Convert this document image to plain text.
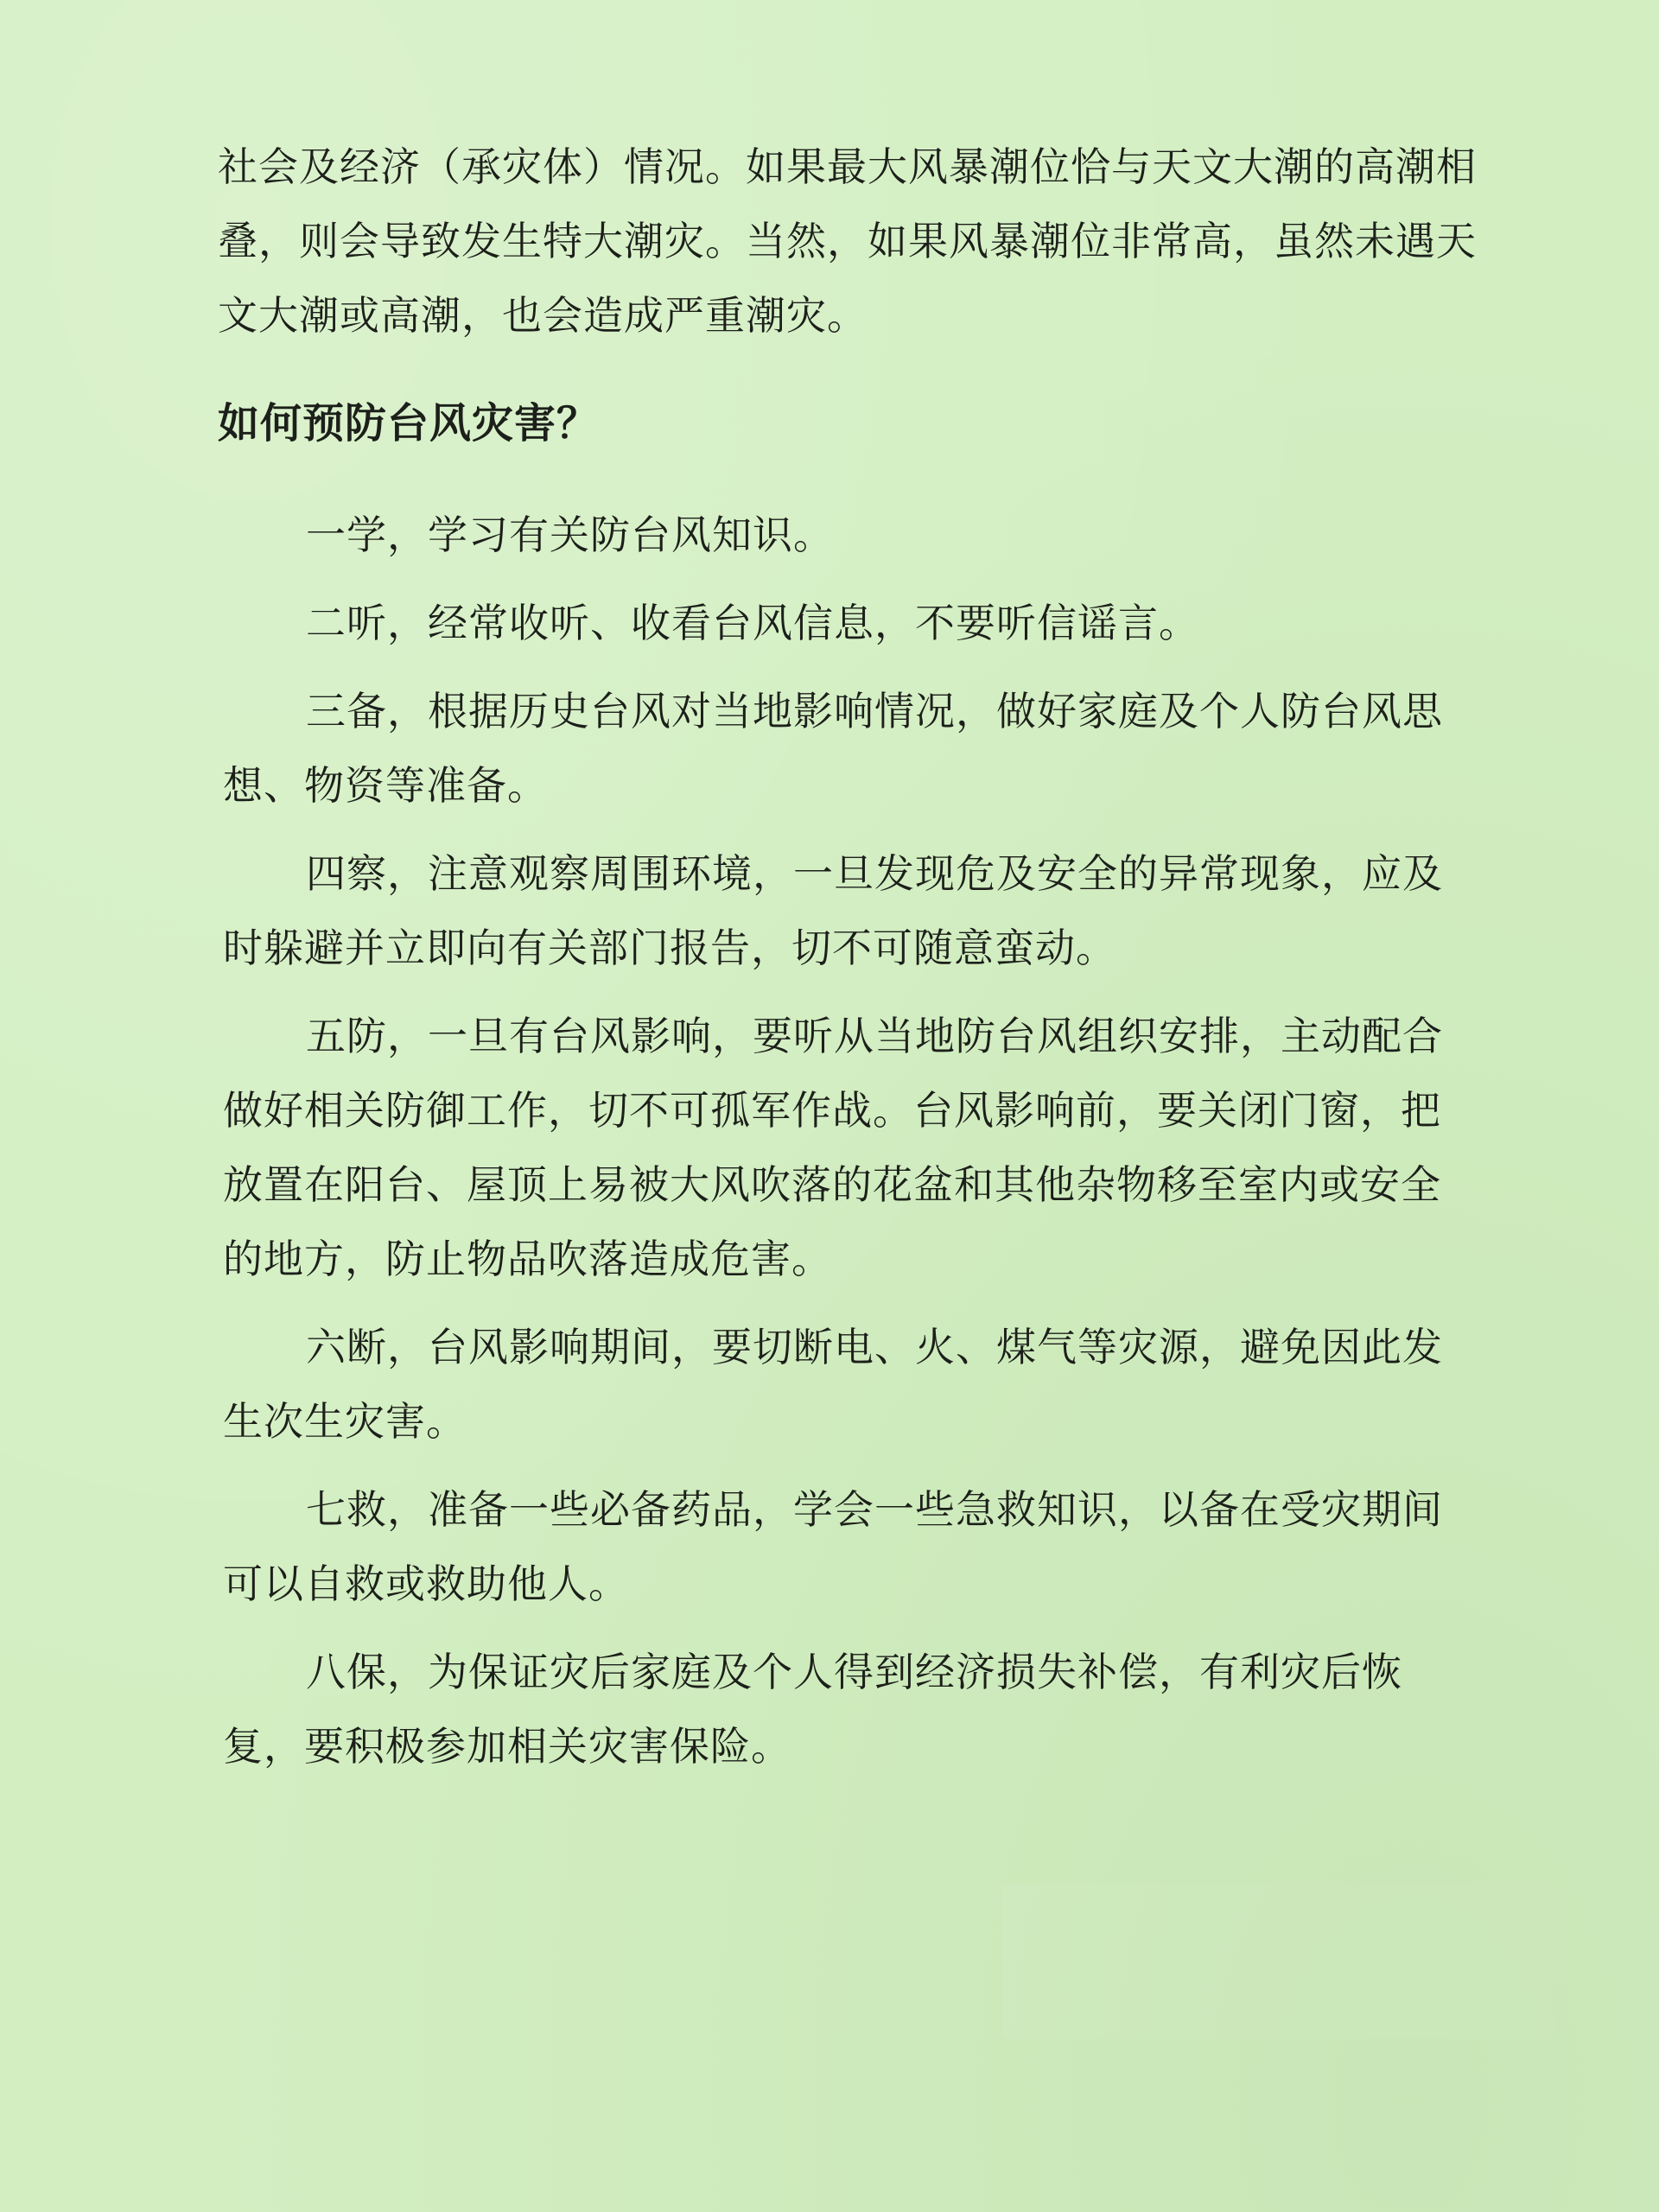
社会及经济（承灾体）情况。如果最大风暴潮位恰与天文大潮的高潮相叠，则会导致发生特大潮灾。当然，如果风暴潮位非常高，虽然未遇天文大潮或高潮，也会造成严重潮灾。

如何预防台风灾害？

一学，学习有关防台风知识。

二听，经常收听、收看台风信息，不要听信谣言。

三备，根据历史台风对当地影响情况，做好家庭及个人防台风思想、物资等准备。

四察，注意观察周围环境，一旦发现危及安全的异常现象，应及时躲避并立即向有关部门报告，切不可随意蛮动。

五防，一旦有台风影响，要听从当地防台风组织安排，主动配合做好相关防御工作，切不可孤军作战。台风影响前，要关闭门窗，把放置在阳台、屋顶上易被大风吹落的花盆和其他杂物移至室内或安全的地方，防止物品吹落造成危害。

六断，台风影响期间，要切断电、火、煤气等灾源，避免因此发生次生灾害。

七救，准备一些必备药品，学会一些急救知识，以备在受灾期间可以自救或救助他人。

八保，为保证灾后家庭及个人得到经济损失补偿，有利灾后恢复，要积极参加相关灾害保险。
